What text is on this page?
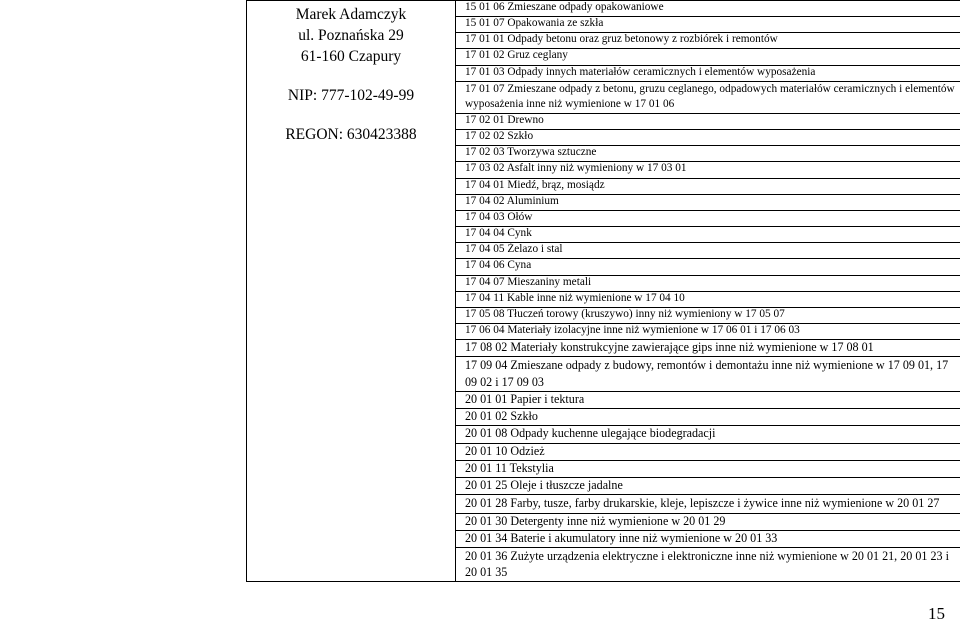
Marek Adamczyk
ul. Poznańska 29
61-160 Czapury
NIP: 777-102-49-99
REGON: 630423388

15 01 06 Zmieszane odpady opakowaniowe
15 01 07 Opakowania ze szkła
17 01 01 Odpady betonu oraz gruz betonowy z rozbiórek i remontów
17 01 02 Gruz ceglany
17 01 03 Odpady innych materiałów ceramicznych i elementów wyposażenia
17 01 07 Zmieszane odpady z betonu, gruzu ceglanego, odpadowych materiałów ceramicznych i elementów wyposażenia inne niż wymienione w 17 01 06
17 02 01 Drewno
17 02 02 Szkło
17 02 03 Tworzywa sztuczne
17 03 02 Asfalt inny niż wymieniony w 17 03 01
17 04 01 Miedź, brąz, mosiądz
17 04 02 Aluminium
17 04 03 Ołów
17 04 04 Cynk
17 04 05 Żelazo i stal
17 04 06 Cyna
17 04 07 Mieszaniny metali
17 04 11 Kable inne niż wymienione w 17 04 10
17 05 08 Tłuczeń torowy (kruszywo) inny niż wymieniony w 17 05 07
17 06 04 Materiały izolacyjne inne niż wymienione w 17 06 01 i 17 06 03
17 08 02 Materiały konstrukcyjne zawierające gips inne niż wymienione w 17 08 01
17 09 04 Zmieszane odpady z budowy, remontów i demontażu inne niż wymienione w 17 09 01, 17 09 02 i 17 09 03
20 01 01 Papier i tektura
20 01 02 Szkło
20 01 08 Odpady kuchenne ulegające biodegradacji
20 01 10 Odzież
20 01 11 Tekstylia
20 01 25 Oleje i tłuszcze jadalne
20 01 28 Farby, tusze, farby drukarskie, kleje, lepiszcze i żywice inne niż wymienione w 20 01 27
20 01 30 Detergenty inne niż wymienione w 20 01 29
20 01 34 Baterie i akumulatory inne niż wymienione w 20 01 33
20 01 36 Zużyte urządzenia elektryczne i elektroniczne inne niż wymienione w 20 01 21, 20 01 23 i 20 01 35
15
